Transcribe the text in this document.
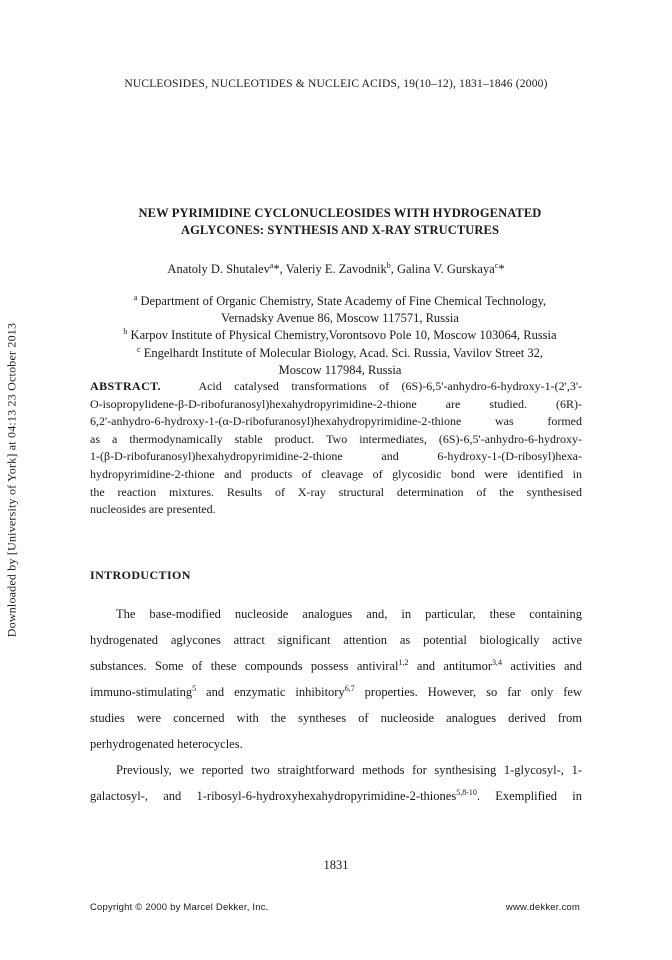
NUCLEOSIDES, NUCLEOTIDES & NUCLEIC ACIDS, 19(10–12), 1831–1846 (2000)
Downloaded by [University of York] at 04:13 23 October 2013
NEW PYRIMIDINE CYCLONUCLEOSIDES WITH HYDROGENATED
AGLYCONES: SYNTHESIS AND X-RAY STRUCTURES
Anatoly D. Shutalev$^a$*, Valeriy E. Zavodnik$^b$, Galina V. Gurskaya$^c$*
$^a$ Department of Organic Chemistry, State Academy of Fine Chemical Technology,
Vernadsky Avenue 86, Moscow 117571, Russia
$^b$ Karpov Institute of Physical Chemistry,Vorontsovo Pole 10, Moscow 103064, Russia
$^c$ Engelhardt Institute of Molecular Biology, Acad. Sci. Russia, Vavilov Street 32,
Moscow 117984, Russia
ABSTRACT.	Acid catalysed transformations of (6S)-6,5'-anhydro-6-hydroxy-1-(2',3'-
O-isopropylidene-β-D-ribofuranosyl)hexahydropyrimidine-2-thione are studied. (6R)-
6,2'-anhydro-6-hydroxy-1-(α-D-ribofuranosyl)hexahydropyrimidine-2-thione was formed
as a thermodynamically stable product. Two intermediates, (6S)-6,5'-anhydro-6-hydroxy-
1-(β-D-ribofuranosyl)hexahydropyrimidine-2-thione and 6-hydroxy-1-(D-ribosyl)hexa-
hydropyrimidine-2-thione and products of cleavage of glycosidic bond were identified in
the reaction mixtures. Results of X-ray structural determination of the synthesised
nucleosides are presented.
INTRODUCTION
The base-modified nucleoside analogues and, in particular, these containing
hydrogenated aglycones attract significant attention as potential biologically active
substances. Some of these compounds possess antiviral$^{1,2}$ and antitumor$^{3,4}$ activities and
immuno-stimulating$^5$ and enzymatic inhibitory$^{6,7}$ properties. However, so far only few
studies were concerned with the syntheses of nucleoside analogues derived from
perhydrogenated heterocycles.
Previously, we reported two straightforward methods for synthesising 1-glycosyl-, 1-
galactosyl-, and 1-ribosyl-6-hydroxyhexahydropyrimidine-2-thiones$^{5,8-10}$. Exemplified in
1831
Copyright © 2000 by Marcel Dekker, Inc.	www.dekker.com
